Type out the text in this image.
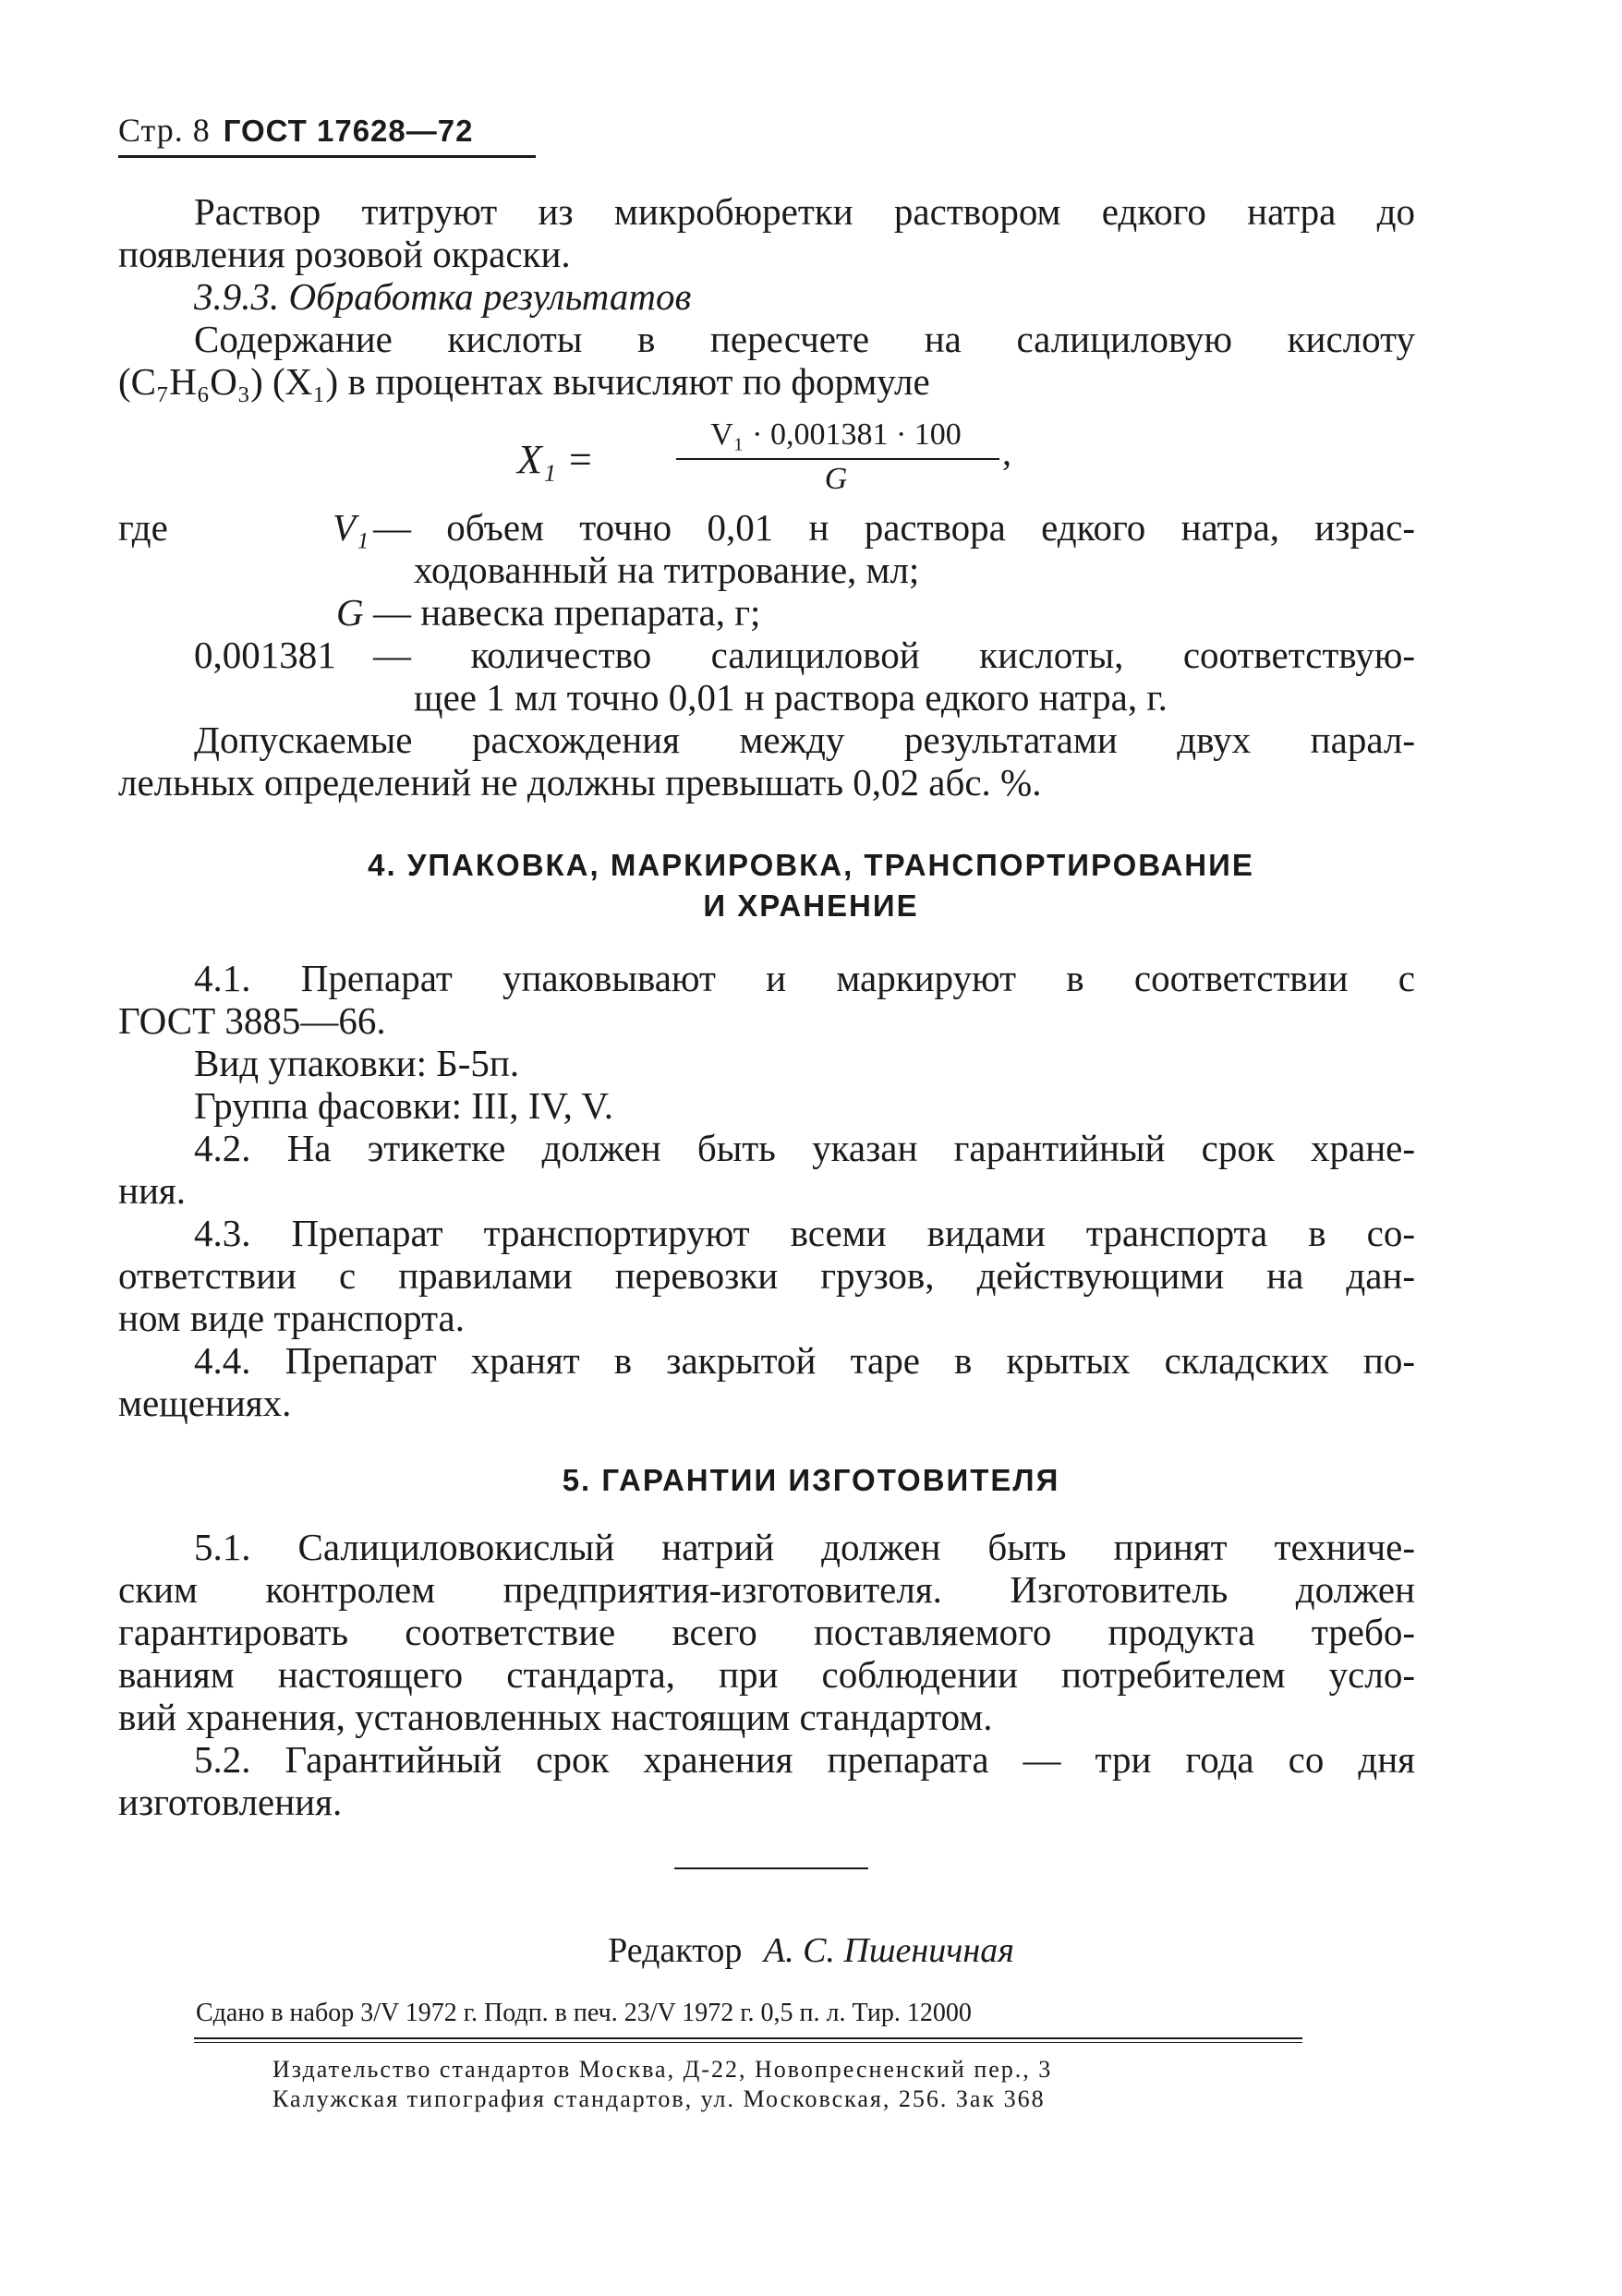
Стр. 8 ГОСТ 17628—72
Раствор титруют из микробюретки раствором едкого натра до
появления розовой окраски.
3.9.3. Обработка результатов
Содержание кислоты в пересчете на салициловую кислоту
(C₇H₆O₃) (X₁) в процентах вычисляют по формуле
X₁ =
V₁ · 0,001381 · 100
G
,
где	V₁ — объем точно 0,01 н раствора едкого натра, израс-
ходованный на титрование, мл;
G — навеска препарата, г;
0,001381 — количество салициловой кислоты, соответствую-
щее 1 мл точно 0,01 н раствора едкого натра, г.
Допускаемые расхождения между результатами двух парал-
лельных определений не должны превышать 0,02 абс. %.
4. УПАКОВКА, МАРКИРОВКА, ТРАНСПОРТИРОВАНИЕ
И ХРАНЕНИЕ
4.1. Препарат упаковывают и маркируют в соответствии с
ГОСТ 3885—66.
Вид упаковки: Б-5п.
Группа фасовки: III, IV, V.
4.2. На этикетке должен быть указан гарантийный срок хране-
ния.
4.3. Препарат транспортируют всеми видами транспорта в со-
ответствии с правилами перевозки грузов, действующими на дан-
ном виде транспорта.
4.4. Препарат хранят в закрытой таре в крытых складских по-
мещениях.
5. ГАРАНТИИ ИЗГОТОВИТЕЛЯ
5.1. Салициловокислый натрий должен быть принят техниче-
ским контролем предприятия-изготовителя. Изготовитель должен
гарантировать соответствие всего поставляемого продукта требо-
ваниям настоящего стандарта, при соблюдении потребителем усло-
вий хранения, установленных настоящим стандартом.
5.2. Гарантийный срок хранения препарата — три года со дня
изготовления.
Редактор А. С. Пшеничная
Сдано в набор 3/V 1972 г. Подп. в печ. 23/V 1972 г. 0,5 п. л. Тир. 12000
Издательство стандартов Москва, Д-22, Новопресненский пер., 3
Калужская типография стандартов, ул. Московская, 256. Зак 368
